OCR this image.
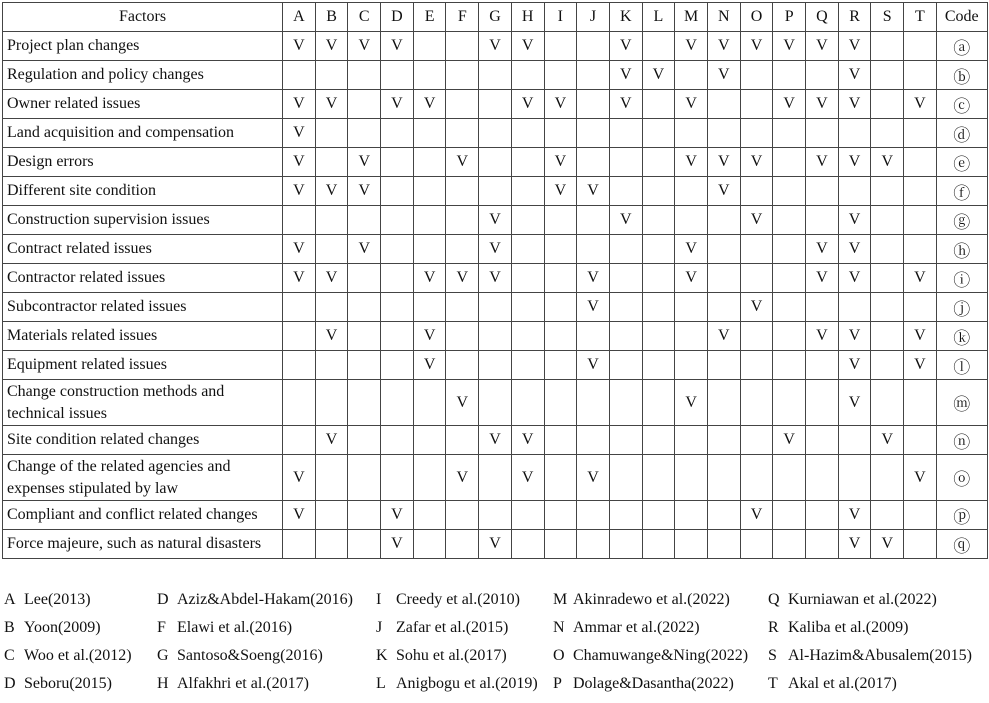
Factors	A	B	C	D	E	F	G	H	I	J	K	L	M	N	O	P	Q	R	S	T	Code
Project plan changes	V	V	V	V			V	V			V		V	V	V	V	V	V			ⓐ
Regulation and policy changes											V	V		V				V			ⓑ
Owner related issues	V	V		V	V			V	V		V		V			V	V	V		V	ⓒ
Land acquisition and compensation	V																				ⓓ
Design errors	V		V			V			V				V	V	V		V	V	V		ⓔ
Different site condition	V	V	V						V	V				V							ⓕ
Construction supervision issues							V				V				V			V			ⓖ
Contract related issues	V		V				V						V				V	V			ⓗ
Contractor related issues	V	V			V	V	V			V			V				V	V		V	ⓘ
Subcontractor related issues										V					V						ⓙ
Materials related issues		V			V									V			V	V		V	ⓚ
Equipment related issues					V					V								V		V	ⓛ
Change construction methods and technical issues						V							V					V			ⓜ
Site condition related changes		V					V	V								V			V		ⓝ
Change of the related agencies and expenses stipulated by law	V					V		V		V										V	ⓞ
Compliant and conflict related changes	V			V											V			V			ⓟ
Force majeure, such as natural disasters				V			V											V	V		ⓠ
A Lee(2013)
B Yoon(2009)
C Woo et al.(2012)
D Seboru(2015)
D Aziz&Abdel-Hakam(2016)
F Elawi et al.(2016)
G Santoso&Soeng(2016)
H Alfakhri et al.(2017)
I Creedy et al.(2010)
J Zafar et al.(2015)
K Sohu et al.(2017)
L Anigbogu et al.(2019)
M Akinradewo et al.(2022)
N Ammar et al.(2022)
O Chamuwange&Ning(2022)
P Dolage&Dasantha(2022)
Q Kurniawan et al.(2022)
R Kaliba et al.(2009)
S Al-Hazim&Abusalem(2015)
T Akal et al.(2017)
